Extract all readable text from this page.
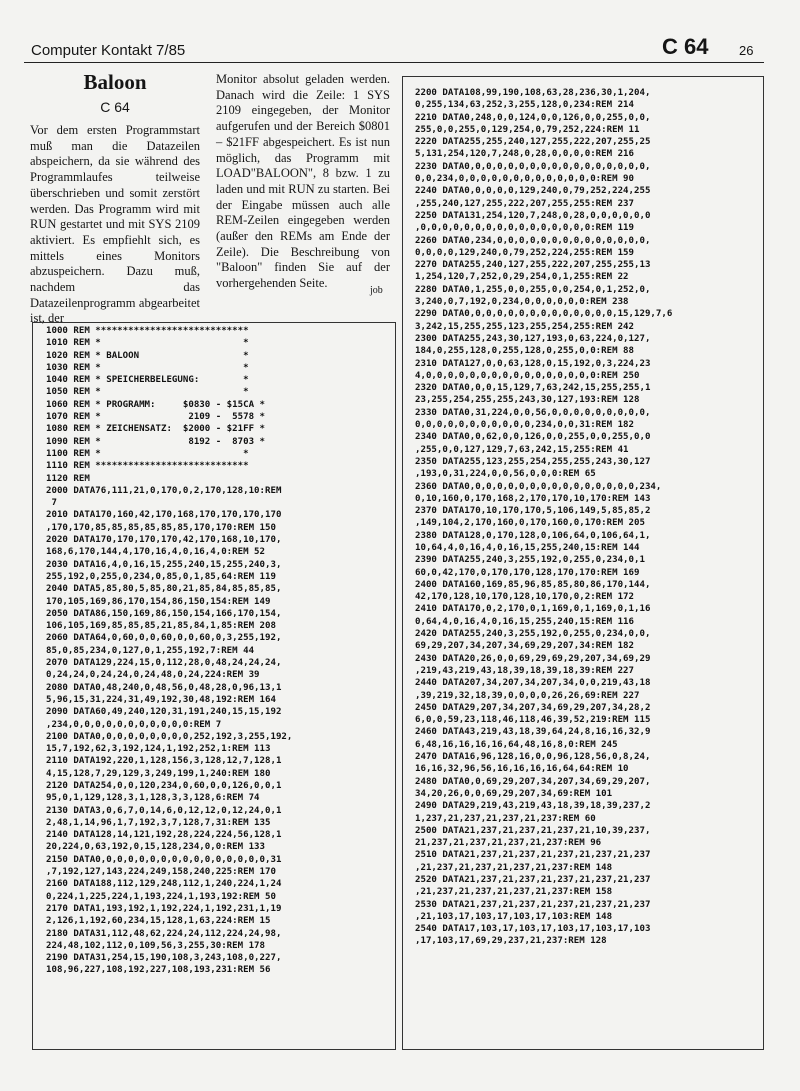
Computer Kontakt 7/85	C 64 26
Baloon
C 64

Vor dem ersten Programmstart muß man die Datazeilen abspeichern, da sie während des Programmlaufes teilweise überschrieben und somit zerstört werden. Das Programm wird mit RUN gestartet und mit SYS 2109 aktiviert. Es empfiehlt sich, es mittels eines Monitors abzuspeichern. Dazu muß, nachdem das Datazeilenprogramm abgearbeitet ist, der

Monitor absolut geladen werden. Danach wird die Zeile: 1 SYS 2109 eingegeben, der Monitor aufgerufen und der Bereich $0801 – $21FF abgespeichert. Es ist nun möglich, das Programm mit LOAD"BALOON", 8 bzw. 1 zu laden und mit RUN zu starten. Bei der Eingabe müssen auch alle REM-Zeilen eingegeben werden (außer den REMs am Ende der Zeile). Die Beschreibung von "Baloon" finden Sie auf der vorhergehenden Seite.

job
1000 REM ****************************
1010 REM *                          *
1020 REM * BALOON                   *
1030 REM *                          *
1040 REM * SPEICHERBELEGUNG:        *
1050 REM *                          *
1060 REM * PROGRAMM:     $0830 - $15CA *
1070 REM *                2109 -  5578 *
1080 REM * ZEICHENSATZ:  $2000 - $21FF *
1090 REM *                8192 -  8703 *
1100 REM *                          *
1110 REM ****************************
1120 REM
2000 DATA76,111,21,0,170,0,2,170,128,10:REM
7
2010 DATA170,160,42,170,168,170,170,170,170
,170,170,85,85,85,85,85,85,170,170:REM 150
2020 DATA170,170,170,170,42,170,168,10,170,
168,6,170,144,4,170,16,4,0,16,4,0:REM 52
2030 DATA16,4,0,16,15,255,240,15,255,240,3,
255,192,0,255,0,234,0,85,0,1,85,64:REM 119
2040 DATA5,85,80,5,85,80,21,85,84,85,85,85,
170,105,169,86,170,154,86,150,154:REM 149
2050 DATA86,150,169,86,150,154,166,170,154,
106,105,169,85,85,85,21,85,84,1,85:REM 208
2060 DATA64,0,60,0,0,60,0,0,60,0,3,255,192,
85,0,85,234,0,127,0,1,255,192,7:REM 44
2070 DATA129,224,15,0,112,28,0,48,24,24,24,
0,24,24,0,24,24,0,24,48,0,24,224:REM 39
2080 DATA0,48,240,0,48,56,0,48,28,0,96,13,1
5,96,15,31,224,31,49,192,30,48,192:REM 164
2090 DATA60,49,240,120,31,191,240,15,15,192
,234,0,0,0,0,0,0,0,0,0,0,0:REM 7
2100 DATA0,0,0,0,0,0,0,0,0,252,192,3,255,192,
15,7,192,62,3,192,124,1,192,252,1:REM 113
2110 DATA192,220,1,128,156,3,128,12,7,128,1
4,15,128,7,29,129,3,249,199,1,240:REM 180
2120 DATA254,0,0,120,234,0,60,0,0,126,0,0,1
95,0,1,129,128,3,1,128,3,3,128,6:REM 74
2130 DATA3,0,6,7,0,14,6,0,12,12,0,12,24,0,1
2,48,1,14,96,1,7,192,3,7,128,7,31:REM 135
2140 DATA128,14,121,192,28,224,224,56,128,1
20,224,0,63,192,0,15,128,234,0,0:REM 133
2150 DATA0,0,0,0,0,0,0,0,0,0,0,0,0,0,0,0,31
,7,192,127,143,224,249,158,240,225:REM 170
2160 DATA188,112,129,248,112,1,240,224,1,24
0,224,1,225,224,1,193,224,1,193,192:REM 50
2170 DATA1,193,192,1,192,224,1,192,231,1,19
2,126,1,192,60,234,15,128,1,63,224:REM 15
2180 DATA31,112,48,62,224,24,112,224,24,98,
224,48,102,112,0,109,56,3,255,30:REM 178
2190 DATA31,254,15,190,108,3,243,108,0,227,
108,96,227,108,192,227,108,193,231:REM 56
2200 DATA108,99,190,108,63,28,236,30,1,204,
0,255,134,63,252,3,255,128,0,234:REM 214
2210 DATA0,248,0,0,124,0,0,126,0,0,255,0,0,
255,0,0,255,0,129,254,0,79,252,224:REM 11
2220 DATA255,255,240,127,255,222,207,255,25
5,131,254,120,7,248,0,28,0,0,0,0:REM 216
2230 DATA0,0,0,0,0,0,0,0,0,0,0,0,0,0,0,0,0,
0,0,234,0,0,0,0,0,0,0,0,0,0,0,0,0:REM 90
2240 DATA0,0,0,0,0,129,240,0,79,252,224,255
,255,240,127,255,222,207,255,255:REM 237
2250 DATA131,254,120,7,248,0,28,0,0,0,0,0,0
,0,0,0,0,0,0,0,0,0,0,0,0,0,0,0,0:REM 119
2260 DATA0,234,0,0,0,0,0,0,0,0,0,0,0,0,0,0,
0,0,0,0,129,240,0,79,252,224,255:REM 159
2270 DATA255,240,127,255,222,207,255,255,13
1,254,120,7,252,0,29,254,0,1,255:REM 22
2280 DATA0,1,255,0,0,255,0,0,254,0,1,252,0,
3,240,0,7,192,0,234,0,0,0,0,0,0:REM 238
2290 DATA0,0,0,0,0,0,0,0,0,0,0,0,0,0,15,129,7,6
3,242,15,255,255,123,255,254,255:REM 242
2300 DATA255,243,30,127,193,0,63,224,0,127,
184,0,255,128,0,255,128,0,255,0,0:REM 88
2310 DATA127,0,0,63,128,0,15,192,0,3,224,23
4,0,0,0,0,0,0,0,0,0,0,0,0,0,0,0,0:REM 250
2320 DATA0,0,0,15,129,7,63,242,15,255,255,1
23,255,254,255,255,243,30,127,193:REM 128
2330 DATA0,31,224,0,0,56,0,0,0,0,0,0,0,0,0,
0,0,0,0,0,0,0,0,0,0,0,234,0,0,31:REM 182
2340 DATA0,0,62,0,0,126,0,0,255,0,0,255,0,0
,255,0,0,127,129,7,63,242,15,255:REM 41
2350 DATA255,123,255,254,255,255,243,30,127
,193,0,31,224,0,0,56,0,0,0:REM 65
2360 DATA0,0,0,0,0,0,0,0,0,0,0,0,0,0,0,0,234,
0,10,160,0,170,168,2,170,170,10,170:REM 143
2370 DATA170,10,170,170,5,106,149,5,85,85,2
,149,104,2,170,160,0,170,160,0,170:REM 205
2380 DATA128,0,170,128,0,106,64,0,106,64,1,
10,64,4,0,16,4,0,16,15,255,240,15:REM 144
2390 DATA255,240,3,255,192,0,255,0,234,0,1
60,0,42,170,0,170,170,128,170,170:REM 169
2400 DATA160,169,85,96,85,85,80,86,170,144,
42,170,128,10,170,128,10,170,0,2:REM 172
2410 DATA170,0,2,170,0,1,169,0,1,169,0,1,16
0,64,4,0,16,4,0,16,15,255,240,15:REM 116
2420 DATA255,240,3,255,192,0,255,0,234,0,0,
69,29,207,34,207,34,69,29,207,34:REM 182
2430 DATA20,26,0,0,69,29,69,29,207,34,69,29
,219,43,219,43,18,39,18,39,18,39:REM 227
2440 DATA207,34,207,34,207,34,0,0,219,43,18
,39,219,32,18,39,0,0,0,0,26,26,69:REM 227
2450 DATA29,207,34,207,34,69,29,207,34,28,2
6,0,0,59,23,118,46,118,46,39,52,219:REM 115
2460 DATA43,219,43,18,39,64,24,8,16,16,32,9
6,48,16,16,16,16,64,48,16,8,0:REM 245
2470 DATA16,96,128,16,0,0,96,128,56,0,8,24,
16,16,32,96,56,16,16,16,16,64,64:REM 10
2480 DATA0,0,69,29,207,34,207,34,69,29,207,
34,20,26,0,0,69,29,207,34,69:REM 101
2490 DATA29,219,43,219,43,18,39,18,39,237,2
1,237,21,237,21,237,21,237:REM 60
2500 DATA21,237,21,237,21,237,21,10,39,237,
21,237,21,237,21,237,21,237:REM 96
2510 DATA21,237,21,237,21,237,21,237,21,237
,21,237,21,237,21,237,21,237:REM 148
2520 DATA21,237,21,237,21,237,21,237,21,237
,21,237,21,237,21,237,21,237:REM 158
2530 DATA21,237,21,237,21,237,21,237,21,237
,21,103,17,103,17,103,17,103:REM 148
2540 DATA17,103,17,103,17,103,17,103,17,103
,17,103,17,69,29,237,21,237:REM 128
